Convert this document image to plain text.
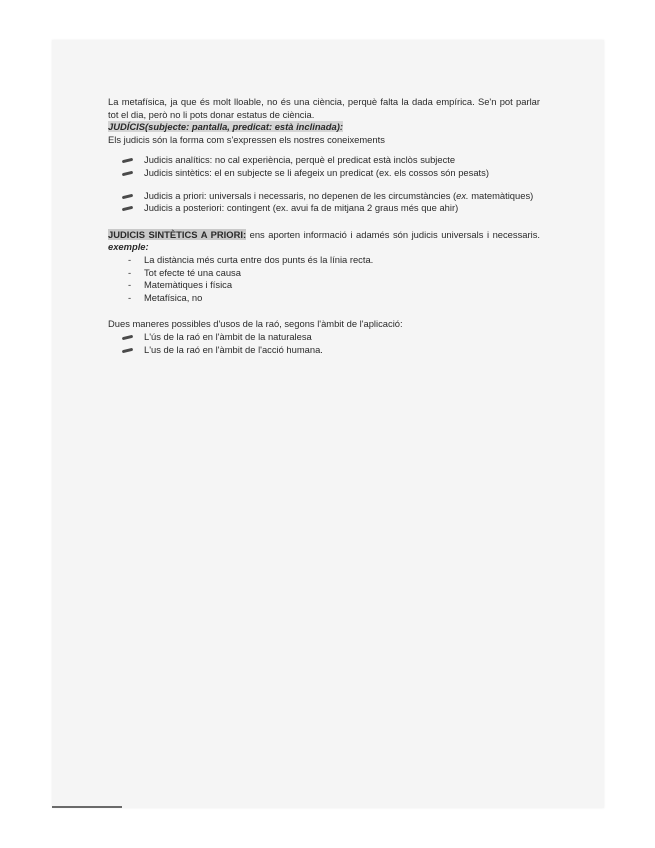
La metafísica, ja que és molt lloable, no és una ciència, perquè falta la dada empírica. Se'n pot parlar tot el dia, però no li pots donar estatus de ciència.

JUDÍCIS(subjecte: pantalla, predicat: està inclinada):

Els judicis són la forma com s'expressen els nostres coneixements

Judicis analítics: no cal experiència, perquè el predicat està inclòs subjecte
Judicis sintètics: el en subjecte se li afegeix un predicat (ex. els cossos són pesats)
Judicis a priori: universals i necessaris, no depenen de les circumstàncies (ex. matemàtiques)
Judicis a posteriori: contingent (ex. avui fa de mitjana 2 graus més que ahir)

JUDICIS SINTÈTICS A PRIORI: ens aporten informació i adamés són judicis universals i necessaris. exemple:

- La distància més curta entre dos punts és la línia recta.
- Tot efecte té una causa
- Matemàtiques i física
- Metafísica, no

Dues maneres possibles d'usos de la raó, segons l'àmbit de l'aplicació:

L'ús de la raó en l'àmbit de la naturalesa
L'us de la raó en l'àmbit de l'acció humana.
